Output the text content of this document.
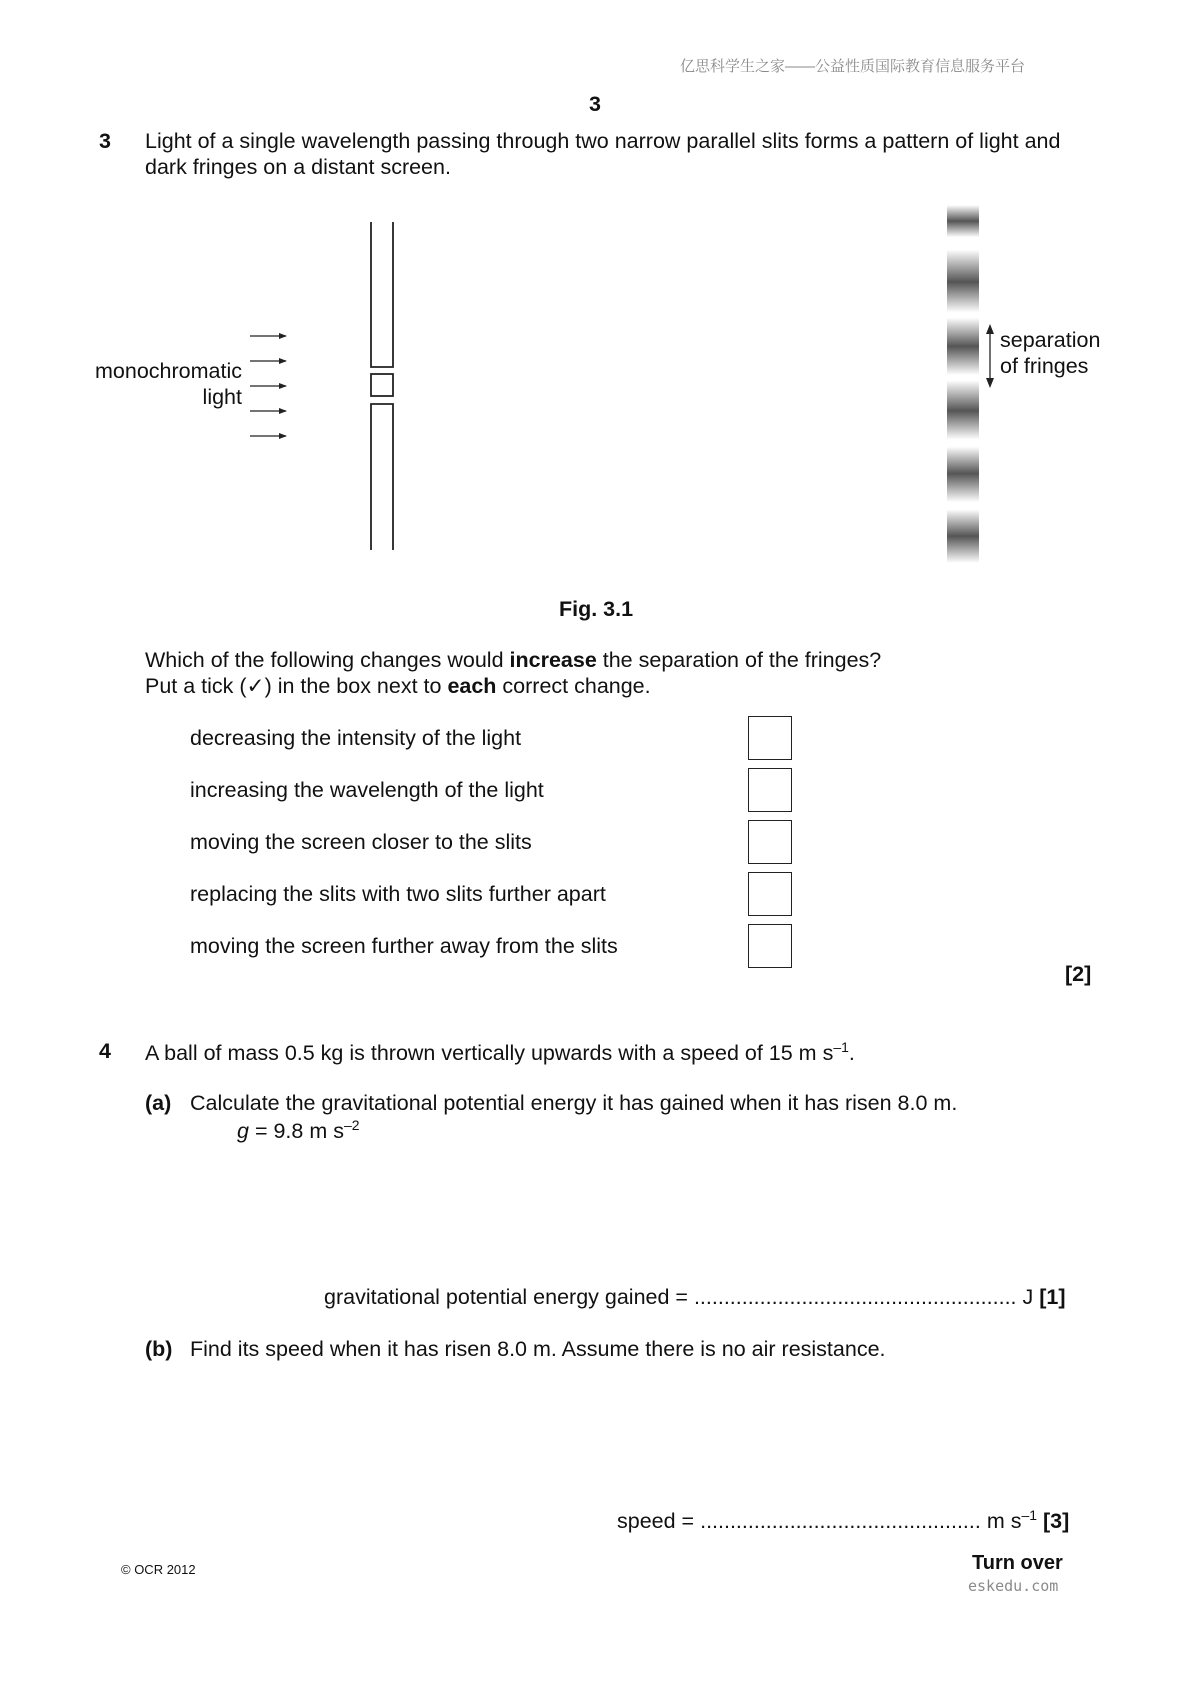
亿思科学生之家——公益性质国际教育信息服务平台
3
3 Light of a single wavelength passing through two narrow parallel slits forms a pattern of light and
dark fringes on a distant screen.
monochromatic
light
separation
of fringes
Fig. 3.1
Which of the following changes would increase the separation of the fringes?
Put a tick (✓) in the box next to each correct change.
decreasing the intensity of the light
increasing the wavelength of the light
moving the screen closer to the slits
replacing the slits with two slits further apart
moving the screen further away from the slits
[2]
4 A ball of mass 0.5 kg is thrown vertically upwards with a speed of 15 m $s^{-1}$.
(a) Calculate the gravitational potential energy it has gained when it has risen 8.0 m.
g = 9.8 m $s^{-2}$
gravitational potential energy gained = ...................................................... J [1]
(b) Find its speed when it has risen 8.0 m. Assume there is no air resistance.
speed = ............................................... m $s^{-1}$ [3]
© OCR 2012	Turn over
eskedu.com
